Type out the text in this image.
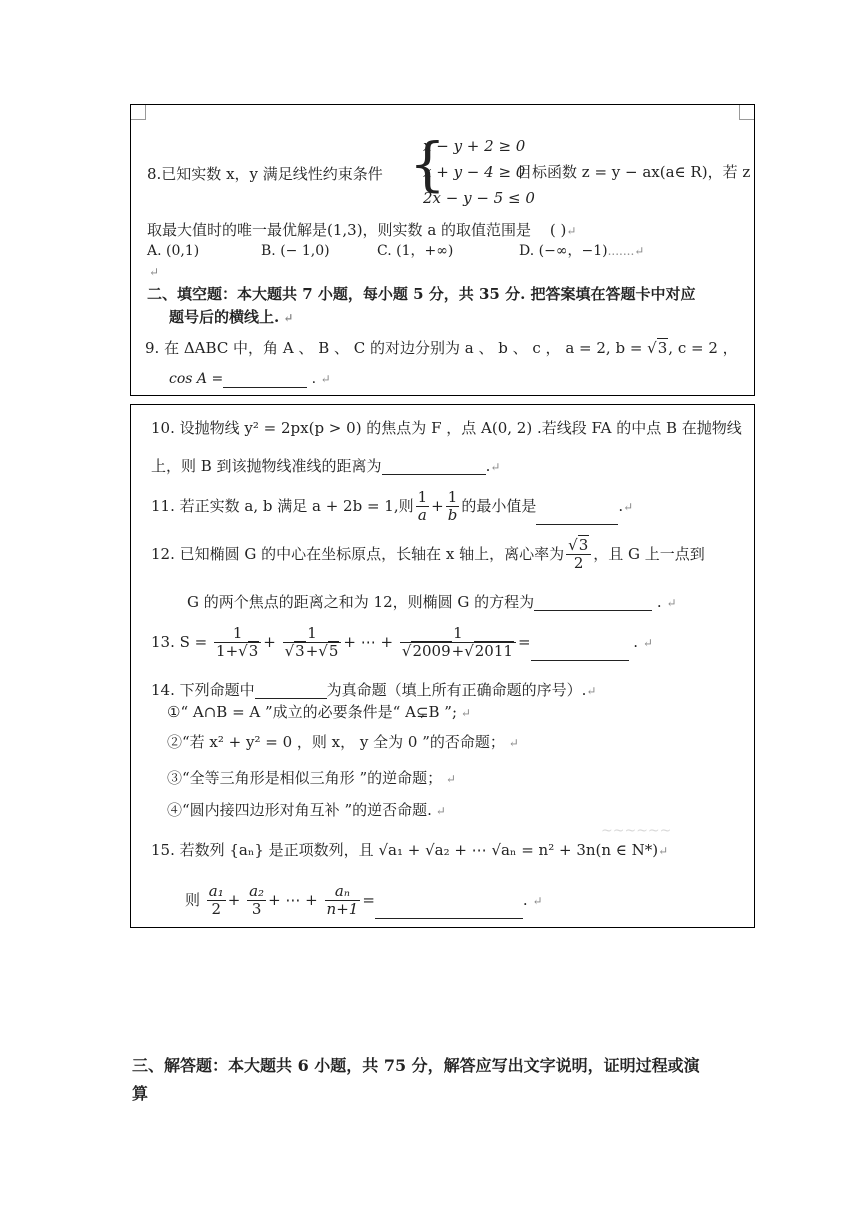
8.已知实数 x，y 满足线性约束条件 {
x − y + 2 ≥ 0
x + y − 4 ≥ 0
2x − y − 5 ≤ 0
目标函数 z = y − ax(a∈ R)，若 z
取最大值时的唯一最优解是(1,3)，则实数 a 的取值范围是 ( )↵
A. (0,1)	B. (− 1,0)	C. (1，+∞)	D. (−∞，−1).......↵
↵
二、填空题：本大题共 7 小题，每小题 5 分，共 35 分. 把答案填在答题卡中对应
题号后的横线上. ↵
9. 在 ΔABC 中，角 A 、 B 、 C 的对边分别为 a 、 b 、 c ， a = 2, b = √3, c = 2 ，
cos A =	. ↵
10. 设抛物线 y² = 2px(p > 0) 的焦点为 F ，点 A(0, 2) .若线段 FA 的中点 B 在抛物线
上，则 B 到该抛物线准线的距离为	.↵
11. 若正实数 a, b 满足 a + 2b = 1,则 $\frac{1}{a} + \frac{1}{b}$ 的最小值是	.↵
12. 已知椭圆 G 的中心在坐标原点，长轴在 x 轴上，离心率为 $\frac{√3}{2}$ ，且 G 上一点到
G 的两个焦点的距离之和为 12，则椭圆 G 的方程为	. ↵
13. $S = \frac{1}{1+√3} + \frac{1}{√3+√5}$ + ⋯ + $\frac{1}{√2009+√2011}$ =	. ↵
14. 下列命题中	为真命题（填上所有正确命题的序号）.↵
①“ A∩B = A ”成立的必要条件是“ A⊊B ”; ↵
②“若 x² + y² = 0 ，则 x， y 全为 0 ”的否命题； ↵
③“全等三角形是相似三角形 ”的逆命题； ↵
④“圆内接四边形对角互补 ”的逆否命题. ↵
15. 若数列 {aₙ} 是正项数列，且 √a₁ + √a₂ + ⋯ √aₙ = n² + 3n(n ∈ N*)↵
~~~~~~
则 $\frac{\text{a₁}}{2} + \frac{\text{a₂}}{3}$ + ⋯ + $\frac{\text{aₙ}}{n+1}$ =	. ↵
三、解答题：本大题共 6 小题，共 75 分，解答应写出文字说明，证明过程或演
算
